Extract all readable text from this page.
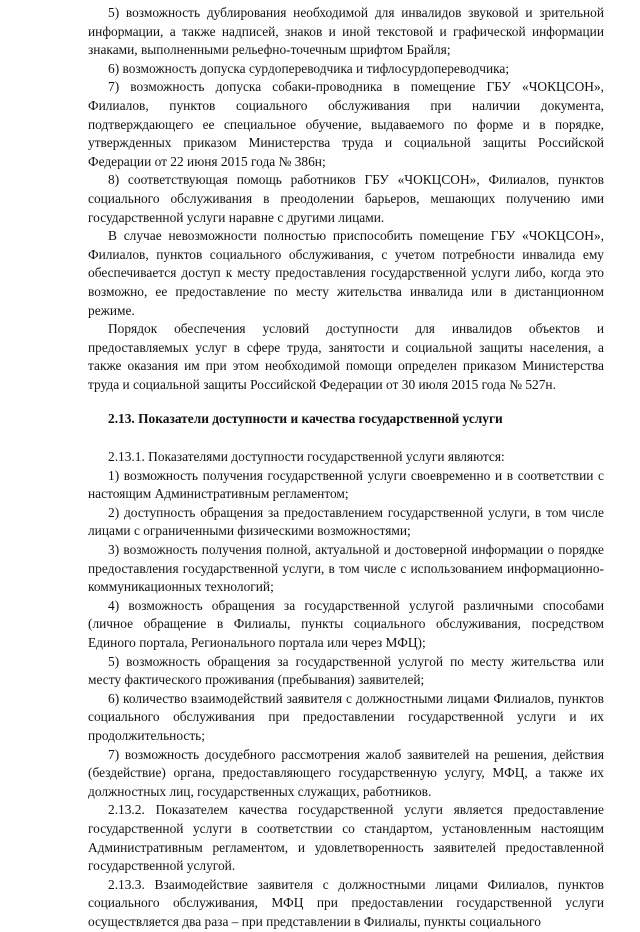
5) возможность дублирования необходимой для инвалидов звуковой и зрительной информации, а также надписей, знаков и иной текстовой и графической информации знаками, выполненными рельефно-точечным шрифтом Брайля;

6) возможность допуска сурдопереводчика и тифлосурдопереводчика;

7) возможность допуска собаки-проводника в помещение ГБУ «ЧОКЦСОН», Филиалов, пунктов социального обслуживания при наличии документа, подтверждающего ее специальное обучение, выдаваемого по форме и в порядке, утвержденных приказом Министерства труда и социальной защиты Российской Федерации от 22 июня 2015 года № 386н;

8) соответствующая помощь работников ГБУ «ЧОКЦСОН», Филиалов, пунктов социального обслуживания в преодолении барьеров, мешающих получению ими государственной услуги наравне с другими лицами.

В случае невозможности полностью приспособить помещение ГБУ «ЧОКЦСОН», Филиалов, пунктов социального обслуживания, с учетом потребности инвалида ему обеспечивается доступ к месту предоставления государственной услуги либо, когда это возможно, ее предоставление по месту жительства инвалида или в дистанционном режиме.

Порядок обеспечения условий доступности для инвалидов объектов и предоставляемых услуг в сфере труда, занятости и социальной защиты населения, а также оказания им при этом необходимой помощи определен приказом Министерства труда и социальной защиты Российской Федерации от 30 июля 2015 года № 527н.

2.13. Показатели доступности и качества государственной услуги

2.13.1. Показателями доступности государственной услуги являются:

1) возможность получения государственной услуги своевременно и в соответствии с настоящим Административным регламентом;

2) доступность обращения за предоставлением государственной услуги, в том числе лицами с ограниченными физическими возможностями;

3) возможность получения полной, актуальной и достоверной информации о порядке предоставления государственной услуги, в том числе с использованием информационно-коммуникационных технологий;

4) возможность обращения за государственной услугой различными способами (личное обращение в Филиалы, пункты социального обслуживания, посредством Единого портала, Регионального портала или через МФЦ);

5) возможность обращения за государственной услугой по месту жительства или месту фактического проживания (пребывания) заявителей;

6) количество взаимодействий заявителя с должностными лицами Филиалов, пунктов социального обслуживания при предоставлении государственной услуги и их продолжительность;

7) возможность досудебного рассмотрения жалоб заявителей на решения, действия (бездействие) органа, предоставляющего государственную услугу, МФЦ, а также их должностных лиц, государственных служащих, работников.

2.13.2. Показателем качества государственной услуги является предоставление государственной услуги в соответствии со стандартом, установленным настоящим Административным регламентом, и удовлетворенность заявителей предоставленной государственной услугой.

2.13.3. Взаимодействие заявителя с должностными лицами Филиалов, пунктов социального обслуживания, МФЦ при предоставлении государственной услуги осуществляется два раза – при представлении в Филиалы, пункты социального
